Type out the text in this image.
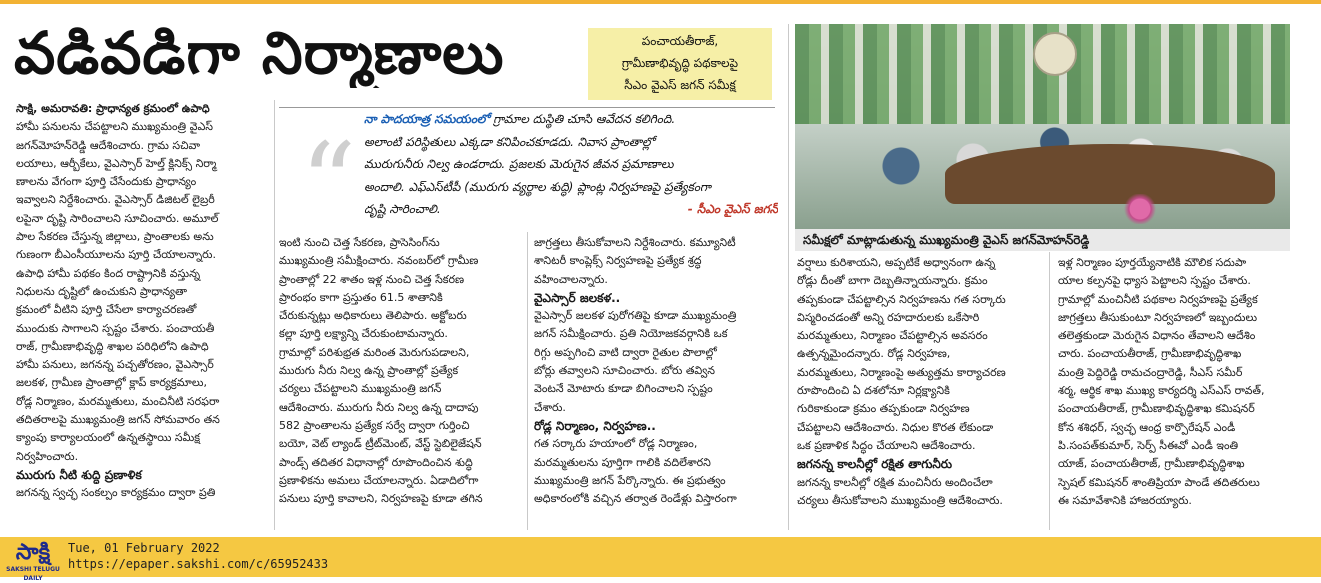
వడివడిగా నిర్మాణాలు	పంచాయతీరాజ్,
గ్రామీణాభివృద్ధి పథకాలపై
సీఎం వైఎస్ జగన్ సమీక్ష
సమీక్షలో మాట్లాడుతున్న ముఖ్యమంత్రి వైఎస్ జగన్‌మోహన్‌రెడ్డి
“ నా పాదయాత్ర సమయంలో గ్రామాల దుస్థితి చూసి ఆవేదన కలిగింది.

అలాంటి పరిస్థితులు ఎక్కడా కనిపించకూడదు. నివాస ప్రాంతాల్లో

మురుగునీరు నిల్వ ఉండరాదు. ప్రజలకు మెరుగైన జీవన ప్రమాణాలు

అందాలి. ఎఫ్ఎస్‌టీపీ (మురుగు వ్యర్థాల శుద్ధి) ప్లాంట్ల నిర్వహణపై ప్రత్యేకంగా

దృష్టి సారించాలి.	- సీఎం వైఎస్ జగన్

సాక్షి, అమరావతి: ప్రాధాన్యత క్రమంలో ఉపాధి

హామీ పనులను చేపట్టాలని ముఖ్యమంత్రి వైఎస్

జగన్‌మోహన్‌రెడ్డి ఆదేశించారు. గ్రామ సచివా

లయాలు, ఆర్బీకేలు, వైఎస్సార్ హెల్త్ క్లినిక్స్ నిర్మా

ణాలను వేగంగా పూర్తి చేసేందుకు ప్రాధాన్యం

ఇవ్వాలని నిర్దేశించారు. వైఎస్సార్ డిజిటల్ లైబ్రరీ

లపైనా దృష్టి సారించాలని సూచించారు. అమూల్

పాల సేకరణ చేస్తున్న జిల్లాలు, ప్రాంతాలకు అను

గుణంగా బీఎంసీయూలను పూర్తి చేయాలన్నారు.

ఉపాధి హామీ పథకం కింద రాష్ట్రానికి వస్తున్న

నిధులను దృష్టిలో ఉంచుకుని ప్రాధాన్యతా

క్రమంలో వీటిని పూర్తి చేసేలా కార్యాచరణతో

ముందుకు సాగాలని స్పష్టం చేశారు. పంచాయతీ

రాజ్, గ్రామీణాభివృద్ధి శాఖల పరిధిలోని ఉపాధి

హామీ పనులు, జగనన్న పచ్చతోరణం, వైఎస్సార్

జలకళ, గ్రామీణ ప్రాంతాల్లో క్లాప్ కార్యక్రమాలు,

రోడ్ల నిర్మాణం, మరమ్మతులు, మంచినీటి సరఫరా

తదితరాలపై ముఖ్యమంత్రి జగన్ సోమవారం తన

క్యాంపు కార్యాలయంలో ఉన్నతస్థాయి సమీక్ష

నిర్వహించారు.

మురుగు నీటి శుద్ధి ప్రణాళిక

జగనన్న స్వచ్ఛ సంకల్పం కార్యక్రమం ద్వారా ప్రతి

ఇంటి నుంచి చెత్త సేకరణ, ప్రాసెసింగ్‌ను

ముఖ్యమంత్రి సమీక్షించారు. నవంబర్‌లో గ్రామీణ

ప్రాంతాల్లో 22 శాతం ఇళ్ల నుంచి చెత్త సేకరణ

ప్రారంభం కాగా ప్రస్తుతం 61.5 శాతానికి

చేరుకున్నట్లు అధికారులు తెలిపారు. అక్టోబరు

కల్లా పూర్తి లక్ష్యాన్ని చేరుకుంటామన్నారు.

గ్రామాల్లో పరిశుభ్రత మరింత మెరుగుపడాలని,

మురుగు నీరు నిల్వ ఉన్న ప్రాంతాల్లో ప్రత్యేక

చర్యలు చేపట్టాలని ముఖ్యమంత్రి జగన్

ఆదేశించారు. మురుగు నీరు నిల్వ ఉన్న దాదాపు

582 ప్రాంతాలను ప్రత్యేక సర్వే ద్వారా గుర్తించి

బయో, వెట్ ల్యాండ్ ట్రీట్‌మెంట్, వేస్ట్ స్టెబిలైజేషన్

పాండ్స్ తదితర విధానాల్లో రూపొందించిన శుద్ధి

ప్రణాళికను అమలు చేయాలన్నారు. ఏడాదిలోగా

పనులు పూర్తి కావాలని, నిర్వహణపై కూడా తగిన

జాగ్రత్తలు తీసుకోవాలని నిర్దేశించారు. కమ్యూనిటీ

శానిటరీ కాంప్లెక్స్ నిర్వహణపై ప్రత్యేక శ్రద్ధ

వహించాలన్నారు.

వైఎస్సార్ జలకళ..

వైఎస్సార్ జలకళ పురోగతిపై కూడా ముఖ్యమంత్రి

జగన్ సమీక్షించారు. ప్రతి నియోజకవర్గానికి ఒక

రిగ్గు అప్పగించి వాటి ద్వారా రైతుల పొలాల్లో

బోర్లు తవ్వాలని సూచించారు. బోరు తవ్విన

వెంటనే మోటారు కూడా బిగించాలని స్పష్టం

చేశారు.

రోడ్ల నిర్మాణం, నిర్వహణ..

గత సర్కారు హయాంలో రోడ్ల నిర్మాణం,

మరమ్మతులను పూర్తిగా గాలికి వదిలేశారని

ముఖ్యమంత్రి జగన్ పేర్కొన్నారు. ఈ ప్రభుత్వం

అధికారంలోకి వచ్చిన తర్వాత రెండేళ్లు విస్తారంగా

వర్షాలు కురిశాయని, అప్పటికే అధ్వానంగా ఉన్న

రోడ్లు దీంతో బాగా దెబ్బతిన్నాయన్నారు. క్రమం

తప్పకుండా చేపట్టాల్సిన నిర్వహణను గత సర్కారు

విస్మరించడంతో అన్ని రహదారులకు ఒకేసారి

మరమ్మతులు, నిర్మాణం చేపట్టాల్సిన అవసరం

ఉత్పన్నమైందన్నారు. రోడ్ల నిర్వహణ,

మరమ్మతులు, నిర్మాణంపై అత్యుత్తమ కార్యాచరణ

రూపొందించి ఏ దశలోనూ నిర్లక్ష్యానికి

గురికాకుండా క్రమం తప్పకుండా నిర్వహణ

చేపట్టాలని ఆదేశించారు. నిధుల కొరత లేకుండా

ఒక ప్రణాళిక సిద్ధం చేయాలని ఆదేశించారు.

జగనన్న కాలనీల్లో రక్షిత తాగునీరు

జగనన్న కాలనీల్లో రక్షిత మంచినీరు అందించేలా

చర్యలు తీసుకోవాలని ముఖ్యమంత్రి ఆదేశించారు.

ఇళ్ల నిర్మాణం పూర్తయ్యేనాటికి మౌలిక సదుపా

యాల కల్పనపై ధ్యాస పెట్టాలని స్పష్టం చేశారు.

గ్రామాల్లో మంచినీటి పథకాల నిర్వహణపై ప్రత్యేక

జాగ్రత్తలు తీసుకుంటూ నిర్వహణలో ఇబ్బందులు

తలెత్తకుండా మెరుగైన విధానం తేవాలని ఆదేశిం

చారు. పంచాయతీరాజ్, గ్రామీణాభివృద్ధిశాఖ

మంత్రి పెద్దిరెడ్డి రామచంద్రారెడ్డి, సీఎస్ సమీర్

శర్మ, ఆర్థిక శాఖ ముఖ్య కార్యదర్శి ఎస్ఎస్ రావత్,

పంచాయతీరాజ్, గ్రామీణాభివృద్ధిశాఖ కమిషనర్

కోన శశిధర్, స్వచ్ఛ ఆంధ్ర కార్పొరేషన్ ఎండీ

పి.సంపత్‌కుమార్, సెర్ప్ సీఈవో ఎండీ ఇంతి

యాజ్, పంచాయతీరాజ్, గ్రామీణాభివృద్ధిశాఖ

స్పెషల్ కమిషనర్ శాంతిప్రియా పాండే తదితరులు

ఈ సమావేశానికి హాజరయ్యారు.

సాక్షి
SAKSHI TELUGU DAILY
Tue, 01 February 2022
https://epaper.sakshi.com/c/65952433
